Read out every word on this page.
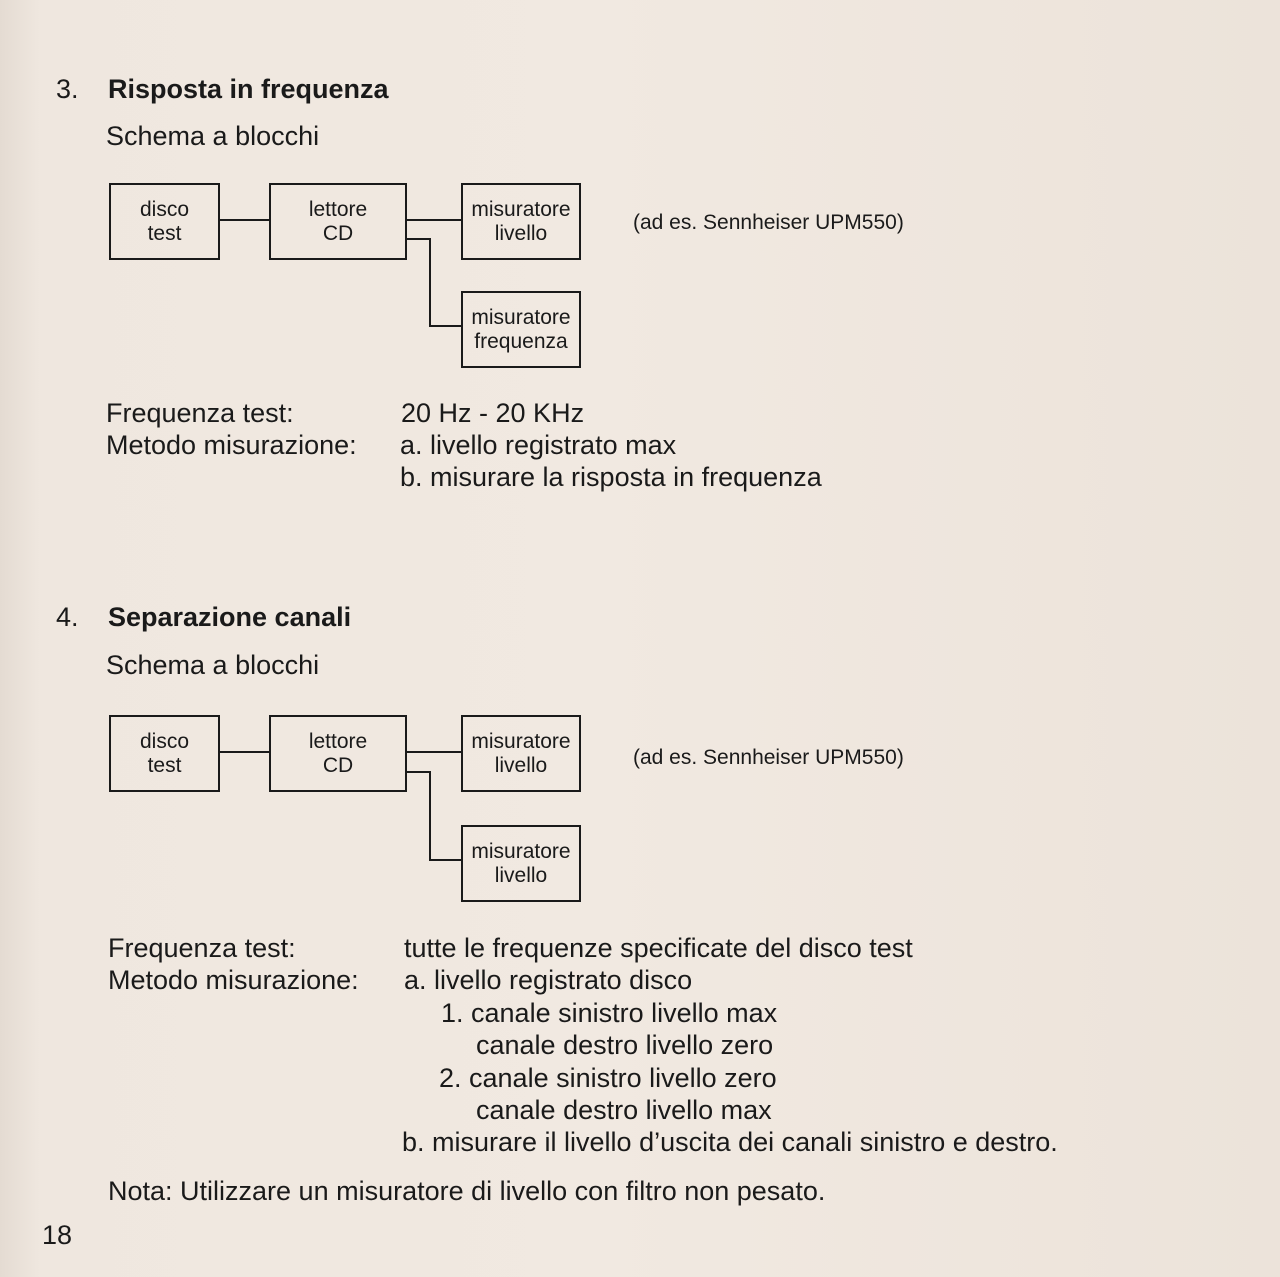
3. Risposta in frequenza
Schema a blocchi
disco
test
lettore
CD
misuratore
livello	(ad es. Sennheiser UPM550)
misuratore
frequenza
Frequenza test:	20 Hz - 20 KHz
Metodo misurazione: a. livello registrato max
b. misurare la risposta in frequenza
4. Separazione canali
Schema a blocchi
disco
test
lettore
CD
misuratore
livello	(ad es. Sennheiser UPM550)
misuratore
livello
Frequenza test:	tutte le frequenze specificate del disco test
Metodo misurazione: a. livello registrato disco
1. canale sinistro livello max
canale destro livello zero
2. canale sinistro livello zero
canale destro livello max
b. misurare il livello d’uscita dei canali sinistro e destro.
Nota: Utilizzare un misuratore di livello con filtro non pesato.
18
